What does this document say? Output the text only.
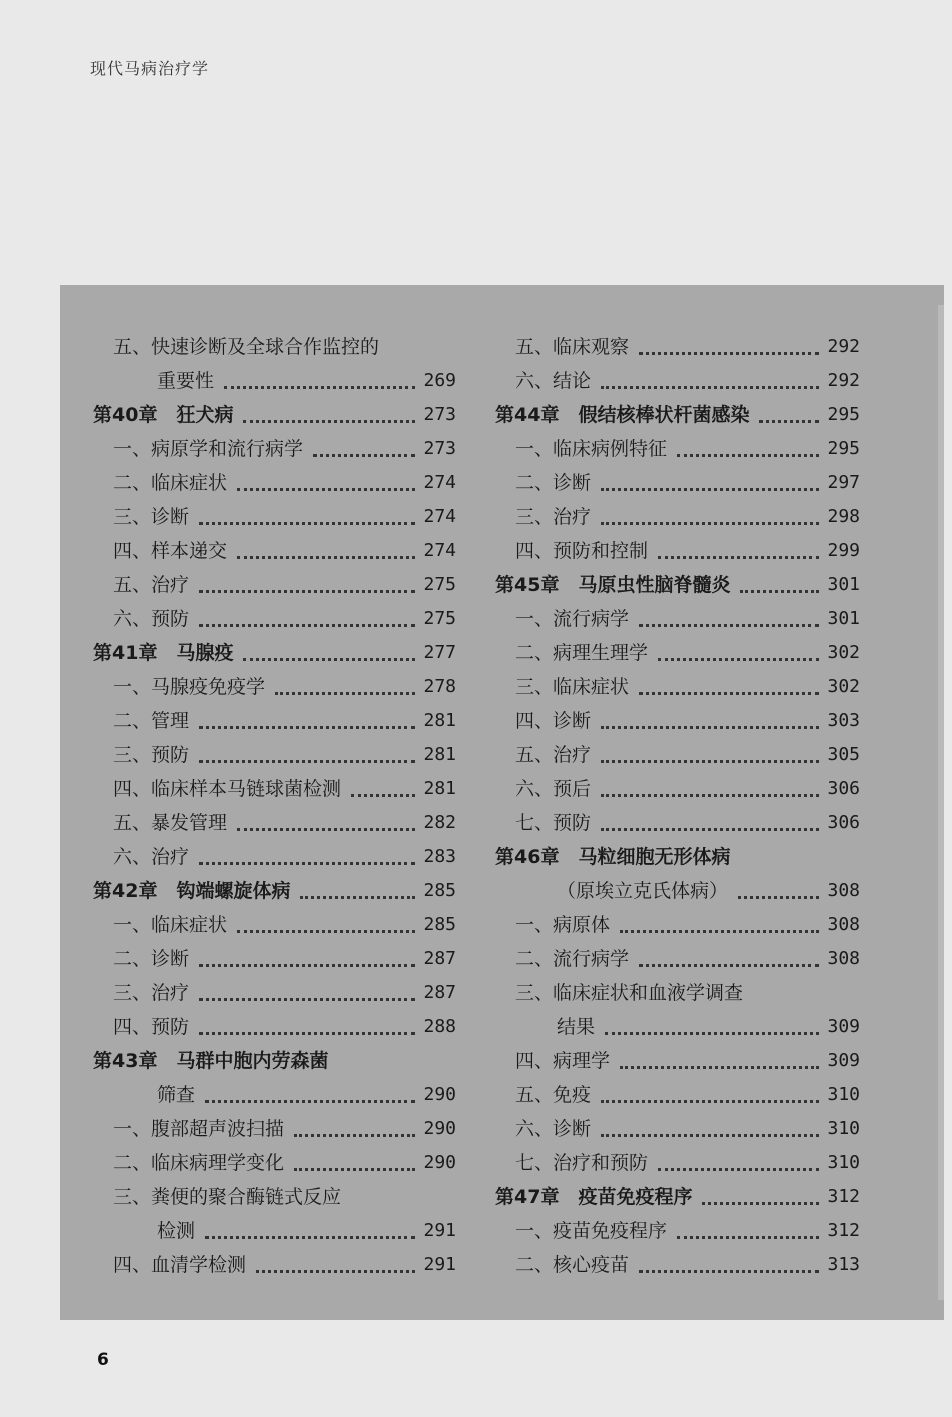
现代马病治疗学
五、快速诊断及全球合作监控的
重要性	269
第40章　狂犬病	273
一、病原学和流行病学	273
二、临床症状	274
三、诊断	274
四、样本递交	274
五、治疗	275
六、预防	275
第41章　马腺疫	277
一、马腺疫免疫学	278
二、管理	281
三、预防	281
四、临床样本马链球菌检测	281
五、暴发管理	282
六、治疗	283
第42章　钩端螺旋体病	285
一、临床症状	285
二、诊断	287
三、治疗	287
四、预防	288
第43章　马群中胞内劳森菌
筛查	290
一、腹部超声波扫描	290
二、临床病理学变化	290
三、粪便的聚合酶链式反应
检测	291
四、血清学检测	291
五、临床观察	292
六、结论	292
第44章　假结核棒状杆菌感染	295
一、临床病例特征	295
二、诊断	297
三、治疗	298
四、预防和控制	299
第45章　马原虫性脑脊髓炎	301
一、流行病学	301
二、病理生理学	302
三、临床症状	302
四、诊断	303
五、治疗	305
六、预后	306
七、预防	306
第46章　马粒细胞无形体病
（原埃立克氏体病）	308
一、病原体	308
二、流行病学	308
三、临床症状和血液学调查
结果	309
四、病理学	309
五、免疫	310
六、诊断	310
七、治疗和预防	310
第47章　疫苗免疫程序	312
一、疫苗免疫程序	312
二、核心疫苗	313
6
